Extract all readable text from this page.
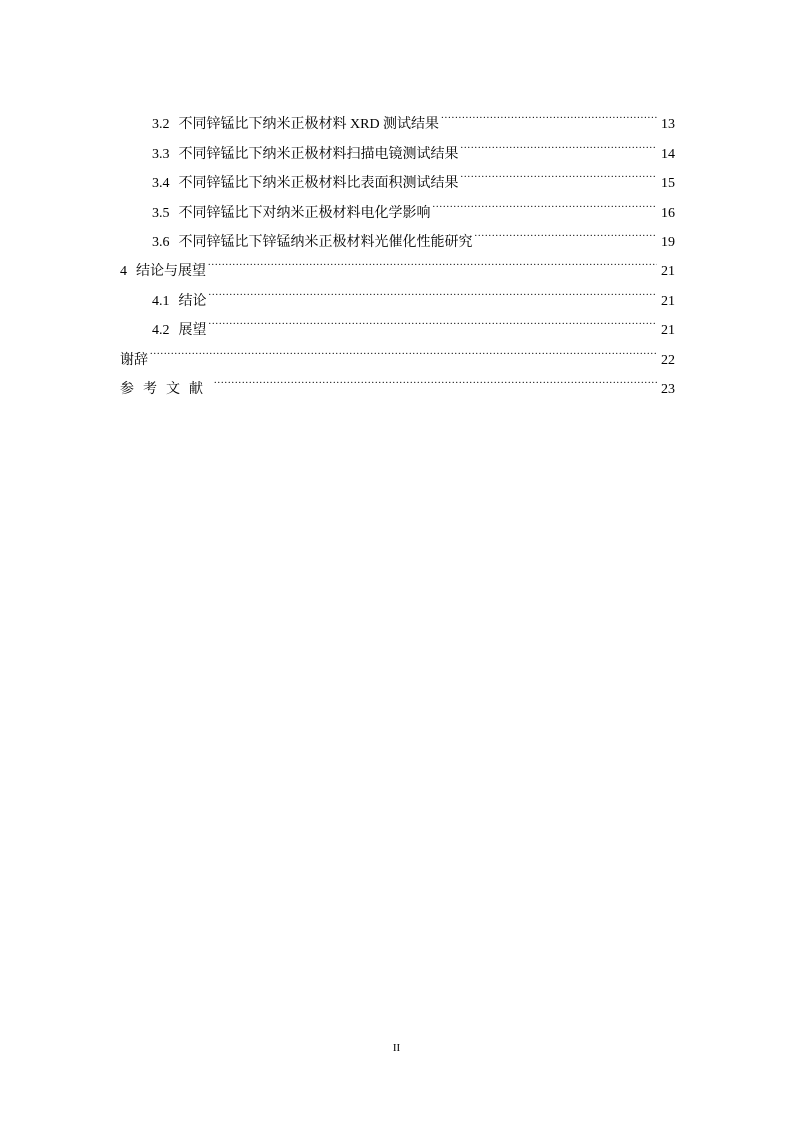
3.2 不同锌锰比下纳米正极材料 XRD 测试结果 .....	13
3.3 不同锌锰比下纳米正极材料扫描电镜测试结果 .....	14
3.4 不同锌锰比下纳米正极材料比表面积测试结果 .....	15
3.5 不同锌锰比下对纳米正极材料电化学影响 .....	16
3.6 不同锌锰比下锌锰纳米正极材料光催化性能研究 .....	19
4 结论与展望 .....	21
4.1 结论 .....	21
4.2 展望 .....	21
谢辞 .....	22
参考文献 .....	23
II
